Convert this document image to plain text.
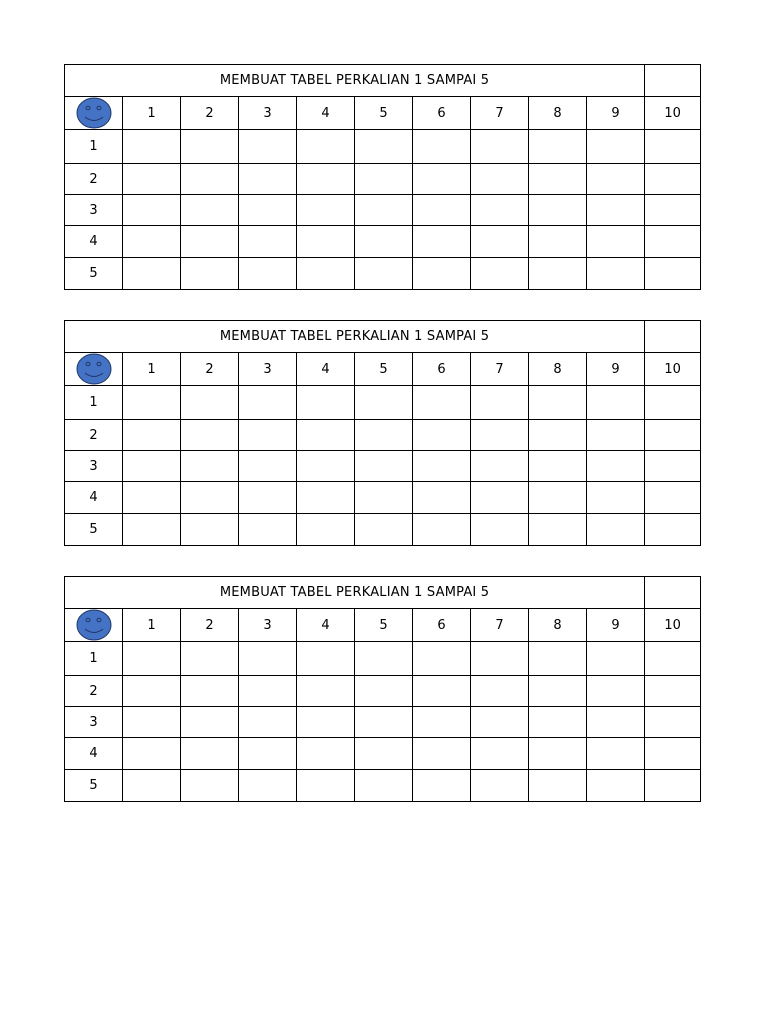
MEMBUAT TABEL PERKALIAN 1 SAMPAI 5										

	1	2	3	4	5	6	7	8	9	10
1										
2										
3										
4										
5										
MEMBUAT TABEL PERKALIAN 1 SAMPAI 5										

	1	2	3	4	5	6	7	8	9	10
1										
2										
3										
4										
5										
MEMBUAT TABEL PERKALIAN 1 SAMPAI 5										

	1	2	3	4	5	6	7	8	9	10
1										
2										
3										
4										
5										
